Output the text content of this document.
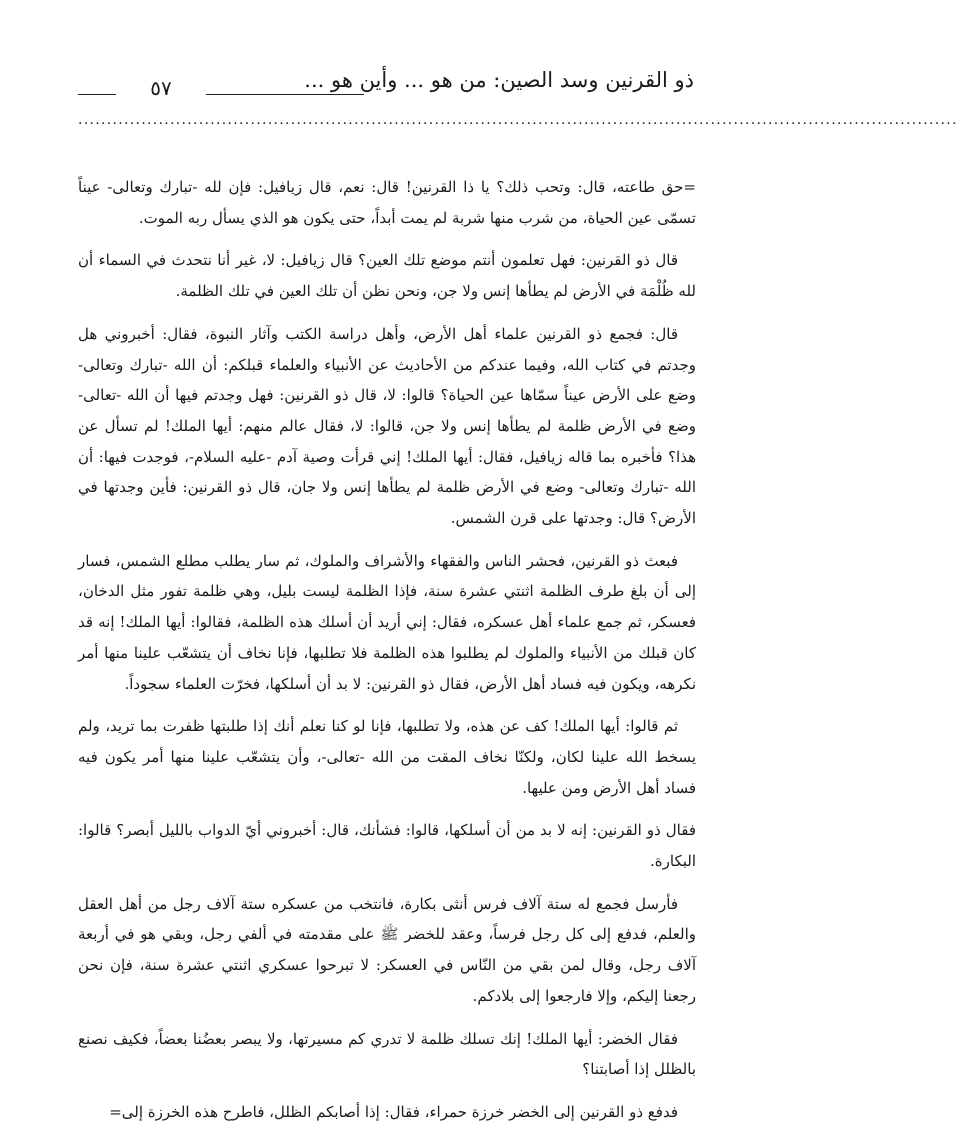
ذو القرنين وسد الصين: من هو ... وأين هو ...
٥٧
.........................................................................................................................................................

=حق طاعته، قال: وتحب ذلك؟ يا ذا القرنين! قال: نعم، قال زيافيل: فإن لله -تبارك وتعالى- عيناً تسمّى عين الحياة، من شرب منها شربة لم يمت أبداً، حتى يكون هو الذي يسأل ربه الموت.

قال ذو القرنين: فهل تعلمون أنتم موضع تلك العين؟ قال زيافيل: لا، غير أنا نتحدث في السماء أن لله ظُلْمَة في الأرض لم يطأها إنس ولا جن، ونحن نظن أن تلك العين في تلك الظلمة.

قال: فجمع ذو القرنين علماء أهل الأرض، وأهل دراسة الكتب وآثار النبوة، فقال: أخبروني هل وجدتم في كتاب الله، وفيما عندكم من الأحاديث عن الأنبياء والعلماء قبلكم: أن الله -تبارك وتعالى- وضع على الأرض عيناً سمّاها عين الحياة؟ قالوا: لا، قال ذو القرنين: فهل وجدتم فيها أن الله -تعالى- وضع في الأرض ظلمة لم يطأها إنس ولا جن، قالوا: لا، فقال عالم منهم: أيها الملك! لم تسأل عن هذا؟ فأخبره بما قاله زيافيل، فقال: أيها الملك! إني قرأت وصية آدم -عليه السلام-، فوجدت فيها: أن الله -تبارك وتعالى- وضع في الأرض ظلمة لم يطأها إنس ولا جان، قال ذو القرنين: فأين وجدتها في الأرض؟ قال: وجدتها على قرن الشمس.

فبعث ذو القرنين، فحشر الناس والفقهاء والأشراف والملوك، ثم سار يطلب مطلع الشمس، فسار إلى أن بلغ طرف الظلمة اثنتي عشرة سنة، فإذا الظلمة ليست بليل، وهي ظلمة تفور مثل الدخان، فعسكر، ثم جمع علماء أهل عسكره، فقال: إني أريد أن أسلك هذه الظلمة، فقالوا: أيها الملك! إنه قد كان قبلك من الأنبياء والملوك لم يطلبوا هذه الظلمة فلا تطلبها، فإنا نخاف أن يتشعّب علينا منها أمر نكرهه، ويكون فيه فساد أهل الأرض، فقال ذو القرنين: لا بد أن أسلكها، فخرّت العلماء سجوداً.

ثم قالوا: أيها الملك! كف عن هذه، ولا تطلبها، فإنا لو كنا نعلم أنك إذا طلبتها ظفرت بما تريد، ولم يسخط الله علينا لكان، ولكنّا نخاف المقت من الله -تعالى-، وأن يتشعّب علينا منها أمر يكون فيه فساد أهل الأرض ومن عليها.

فقال ذو القرنين: إنه لا بد من أن أسلكها، قالوا: فشأنك، قال: أخبروني أيّ الدواب بالليل أبصر؟ قالوا: البكارة.

فأرسل فجمع له ستة آلاف فرس أنثى بكارة، فانتخب من عسكره ستة آلاف رجل من أهل العقل والعلم، فدفع إلى كل رجل فرساً، وعقد للخضر ﷺ على مقدمته في ألفي رجل، وبقي هو في أربعة آلاف رجل، وقال لمن بقي من النّاس في العسكر: لا تبرحوا عسكري اثنتي عشرة سنة، فإن نحن رجعنا إليكم، وإلا فارجعوا إلى بلادكم.

فقال الخضر: أيها الملك! إنك تسلك ظلمة لا تدري كم مسيرتها، ولا يبصر بعضُنا بعضاً، فكيف نصنع بالظلل إذا أصابتنا؟

فدفع ذو القرنين إلى الخضر خرزة حمراء، فقال: إذا أصابكم الظلل، فاطرح هذه الخرزة إلى=
